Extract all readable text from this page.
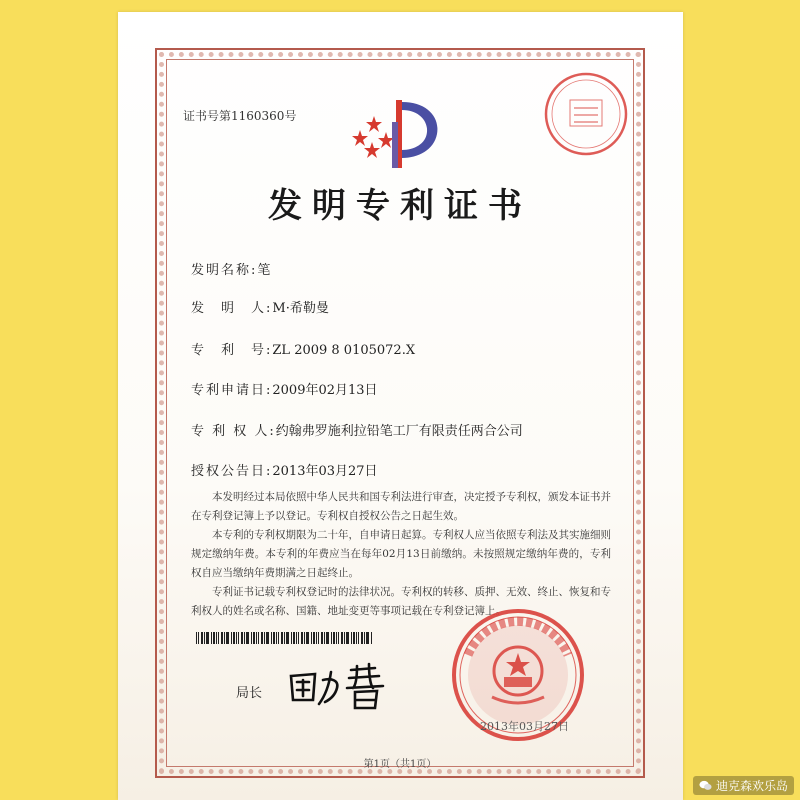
证书号第1160360号
发明专利证书
发明名称:笔
发　明　人:M·希勒曼
专　利　号:ZL 2009 8 0105072.X
专利申请日:2009年02月13日
专 利 权 人:约翰弗罗施利拉铅笔工厂有限责任两合公司
授权公告日:2013年03月27日

本发明经过本局依照中华人民共和国专利法进行审查，决定授予专利权，颁发本证书并在专利登记簿上予以登记。专利权自授权公告之日起生效。

本专利的专利权期限为二十年，自申请日起算。专利权人应当依照专利法及其实施细则规定缴纳年费。本专利的年费应当在每年02月13日前缴纳。未按照规定缴纳年费的，专利权自应当缴纳年费期满之日起终止。

专利证书记载专利权登记时的法律状况。专利权的转移、质押、无效、终止、恢复和专利权人的姓名或名称、国籍、地址变更等事项记载在专利登记簿上。

局长
2013年03月27日
第1页（共1页）
迪克森欢乐岛
